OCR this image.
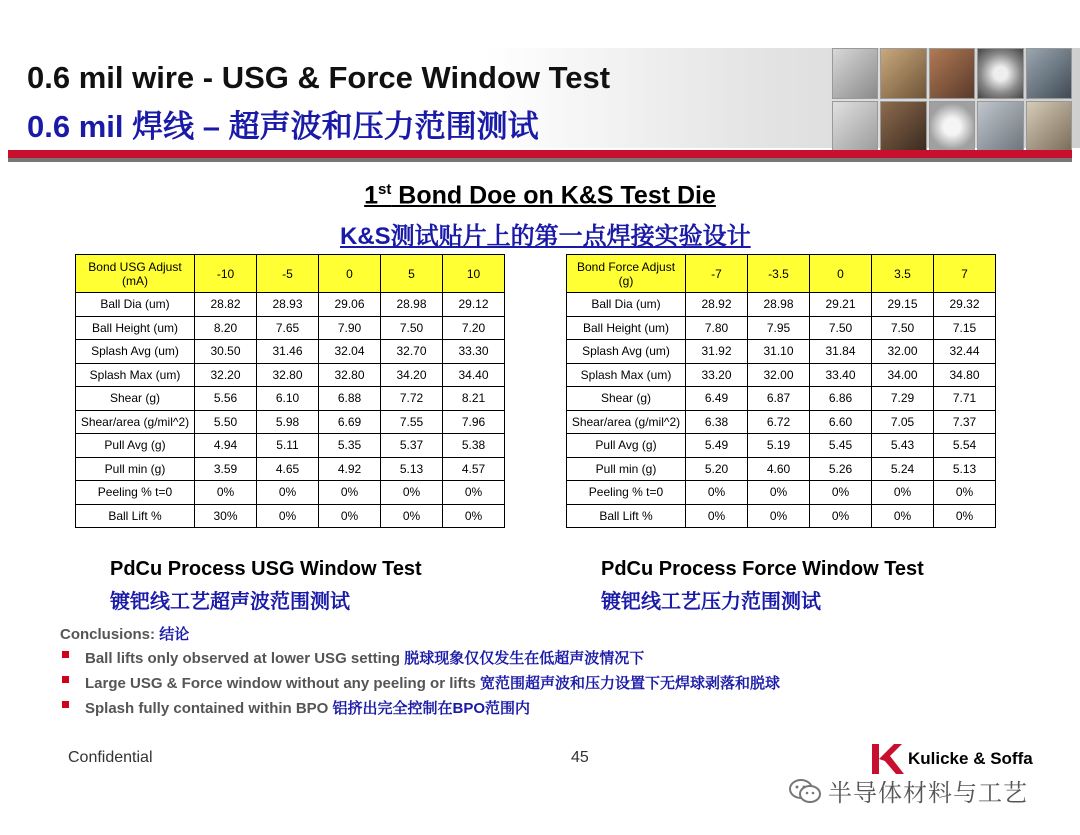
0.6 mil wire - USG & Force Window Test
0.6 mil 焊线 – 超声波和压力范围测试
1st Bond Doe on K&S Test Die
K&S测试贴片上的第一点焊接实验设计
Bond USG Adjust (mA)	-10	-5	0	5	10
Ball Dia (um)	28.82	28.93	29.06	28.98	29.12
Ball Height (um)	8.20	7.65	7.90	7.50	7.20
Splash Avg (um)	30.50	31.46	32.04	32.70	33.30
Splash Max (um)	32.20	32.80	32.80	34.20	34.40
Shear (g)	5.56	6.10	6.88	7.72	8.21
Shear/area (g/mil^2)	5.50	5.98	6.69	7.55	7.96
Pull Avg (g)	4.94	5.11	5.35	5.37	5.38
Pull min (g)	3.59	4.65	4.92	5.13	4.57
Peeling % t=0	0%	0%	0%	0%	0%
Ball Lift %	30%	0%	0%	0%	0%
Bond Force Adjust (g)	-7	-3.5	0	3.5	7
Ball Dia (um)	28.92	28.98	29.21	29.15	29.32
Ball Height (um)	7.80	7.95	7.50	7.50	7.15
Splash Avg (um)	31.92	31.10	31.84	32.00	32.44
Splash Max (um)	33.20	32.00	33.40	34.00	34.80
Shear (g)	6.49	6.87	6.86	7.29	7.71
Shear/area (g/mil^2)	6.38	6.72	6.60	7.05	7.37
Pull Avg (g)	5.49	5.19	5.45	5.43	5.54
Pull min (g)	5.20	4.60	5.26	5.24	5.13
Peeling % t=0	0%	0%	0%	0%	0%
Ball Lift %	0%	0%	0%	0%	0%
PdCu Process USG Window Test
镀钯线工艺超声波范围测试
PdCu Process Force Window Test
镀钯线工艺压力范围测试
Conclusions: 结论
Ball lifts only observed at lower USG setting 脱球现象仅仅发生在低超声波情况下
Large USG & Force window without any peeling or lifts 宽范围超声波和压力设置下无焊球剥落和脱球
Splash fully contained within BPO 铝挤出完全控制在BPO范围内
Confidential	45	Kulicke & Soffa
半导体材料与工艺
